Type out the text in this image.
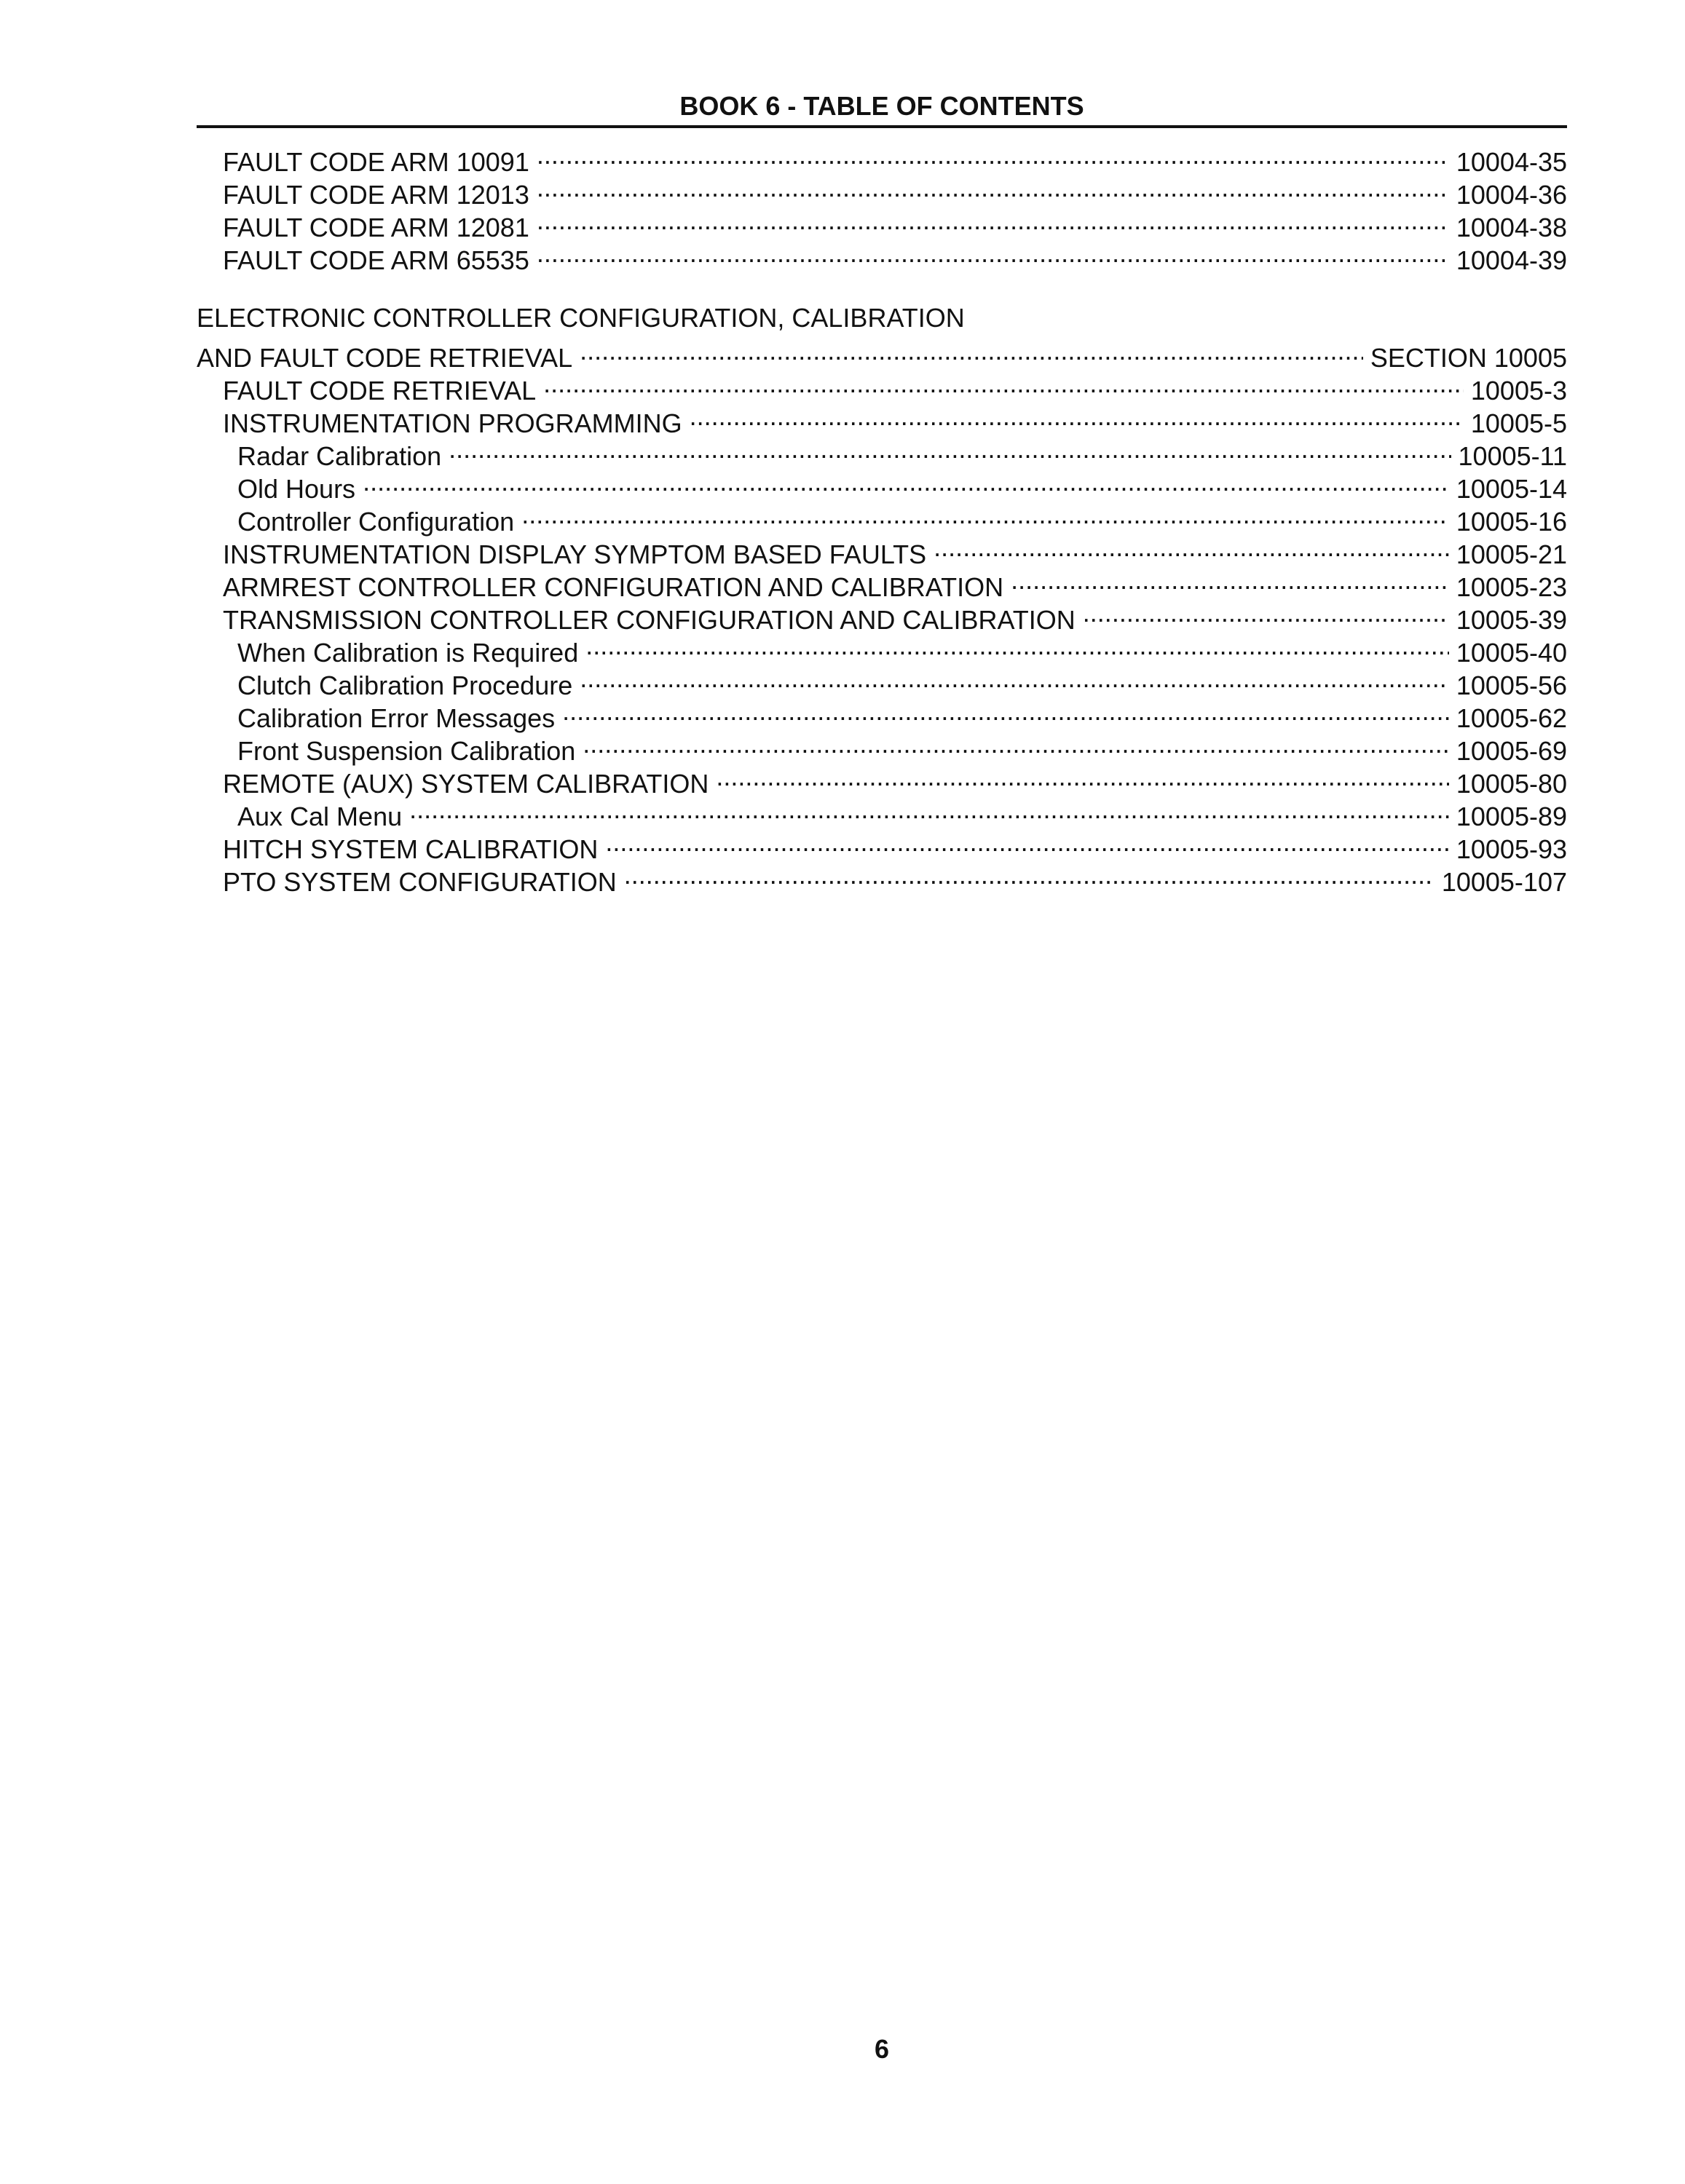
BOOK 6 - TABLE OF CONTENTS
FAULT CODE ARM 10091 . . .	10004-35
FAULT CODE ARM 12013 . . .	10004-36
FAULT CODE ARM 12081 . . .	10004-38
FAULT CODE ARM 65535 . . .	10004-39
ELECTRONIC CONTROLLER CONFIGURATION, CALIBRATION
AND FAULT CODE RETRIEVAL . . .	SECTION 10005
FAULT CODE RETRIEVAL . . .	10005-3
INSTRUMENTATION PROGRAMMING . . .	10005-5
Radar Calibration . . .	10005-11
Old Hours . . .	10005-14
Controller Configuration . . .	10005-16
INSTRUMENTATION DISPLAY SYMPTOM BASED FAULTS . . .	10005-21
ARMREST CONTROLLER CONFIGURATION AND CALIBRATION . . .	10005-23
TRANSMISSION CONTROLLER CONFIGURATION AND CALIBRATION . . .	10005-39
When Calibration is Required . . .	10005-40
Clutch Calibration Procedure . . .	10005-56
Calibration Error Messages . . .	10005-62
Front Suspension Calibration . . .	10005-69
REMOTE (AUX) SYSTEM CALIBRATION . . .	10005-80
Aux Cal Menu . . .	10005-89
HITCH SYSTEM CALIBRATION . . .	10005-93
PTO SYSTEM CONFIGURATION . . .	10005-107
6
